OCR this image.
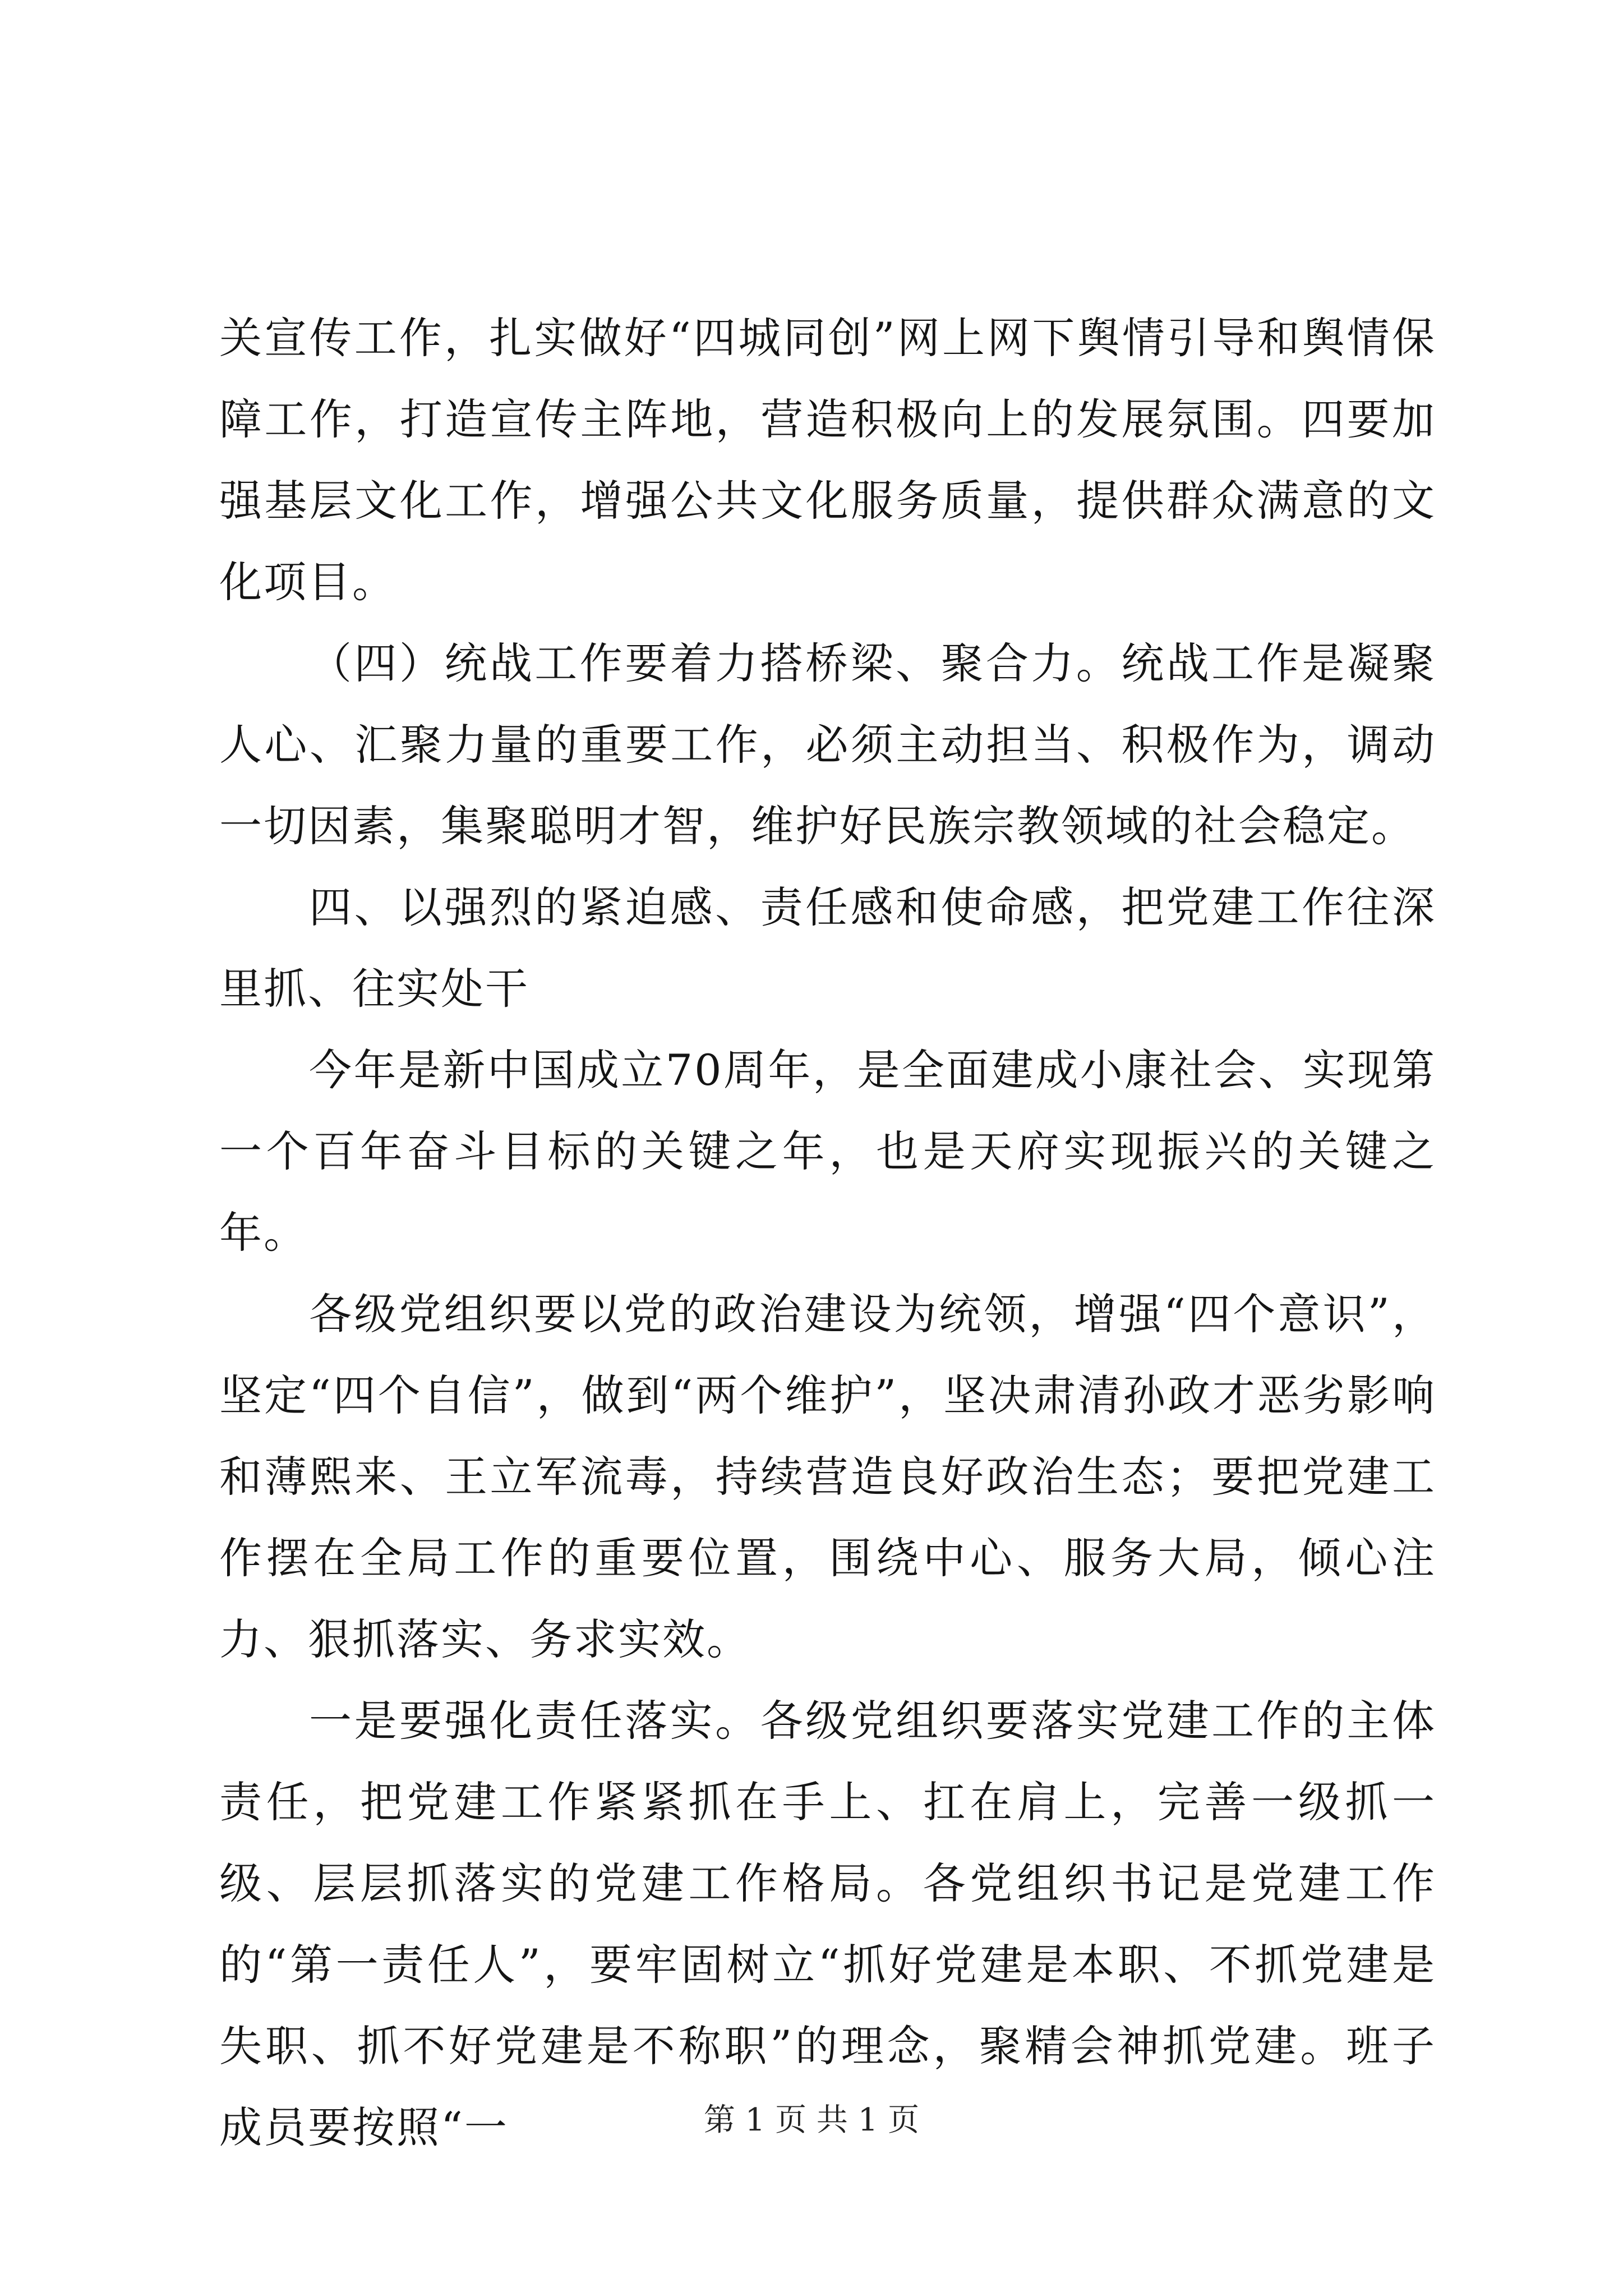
关宣传工作，扎实做好“四城同创”网上网下舆情引导和舆情保障工作，打造宣传主阵地，营造积极向上的发展氛围。四要加强基层文化工作，增强公共文化服务质量，提供群众满意的文化项目。

（四）统战工作要着力搭桥梁、聚合力。统战工作是凝聚人心、汇聚力量的重要工作，必须主动担当、积极作为，调动一切因素，集聚聪明才智，维护好民族宗教领域的社会稳定。

四、以强烈的紧迫感、责任感和使命感，把党建工作往深里抓、往实处干

今年是新中国成立70周年，是全面建成小康社会、实现第一个百年奋斗目标的关键之年，也是天府实现振兴的关键之年。

各级党组织要以党的政治建设为统领，增强“四个意识”，坚定“四个自信”，做到“两个维护”，坚决肃清孙政才恶劣影响和薄熙来、王立军流毒，持续营造良好政治生态；要把党建工作摆在全局工作的重要位置，围绕中心、服务大局，倾心注力、狠抓落实、务求实效。

一是要强化责任落实。各级党组织要落实党建工作的主体责任，把党建工作紧紧抓在手上、扛在肩上，完善一级抓一级、层层抓落实的党建工作格局。各党组织书记是党建工作的“第一责任人”，要牢固树立“抓好党建是本职、不抓党建是失职、抓不好党建是不称职”的理念，聚精会神抓党建。班子成员要按照“一	第 1 页 共 1 页
